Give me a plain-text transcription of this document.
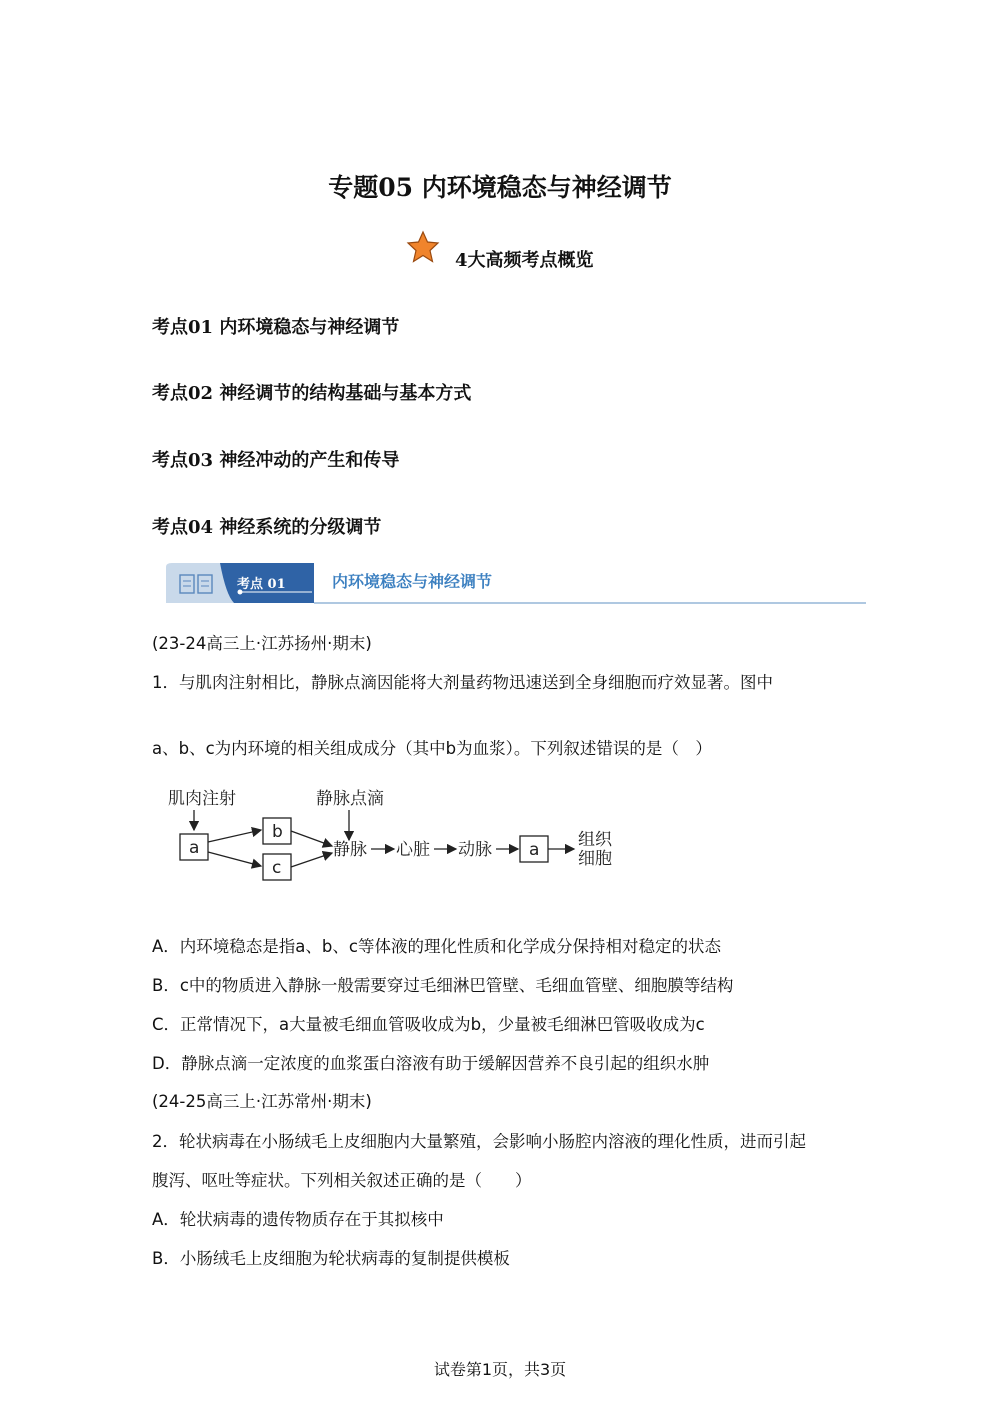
专题05 内环境稳态与神经调节
4大高频考点概览
考点01 内环境稳态与神经调节
考点02 神经调节的结构基础与基本方式
考点03 神经冲动的产生和传导
考点04 神经系统的分级调节
考点 01	内环境稳态与神经调节
(23-24高三上·江苏扬州·期末)
1．与肌肉注射相比，静脉点滴因能将大剂量药物迅速送到全身细胞而疗效显著。图中
a、b、c为内环境的相关组成成分（其中b为血浆）。下列叙述错误的是（　）
肌肉注射	静脉点滴
a
b
c
静脉 心脏 动脉 a 组织
细胞
A．内环境稳态是指a、b、c等体液的理化性质和化学成分保持相对稳定的状态
B．c中的物质进入静脉一般需要穿过毛细淋巴管壁、毛细血管壁、细胞膜等结构
C．正常情况下，a大量被毛细血管吸收成为b，少量被毛细淋巴管吸收成为c
D．静脉点滴一定浓度的血浆蛋白溶液有助于缓解因营养不良引起的组织水肿
(24-25高三上·江苏常州·期末)
2．轮状病毒在小肠绒毛上皮细胞内大量繁殖，会影响小肠腔内溶液的理化性质，进而引起
腹泻、呕吐等症状。下列相关叙述正确的是（　　）
A．轮状病毒的遗传物质存在于其拟核中
B．小肠绒毛上皮细胞为轮状病毒的复制提供模板
试卷第1页，共3页
